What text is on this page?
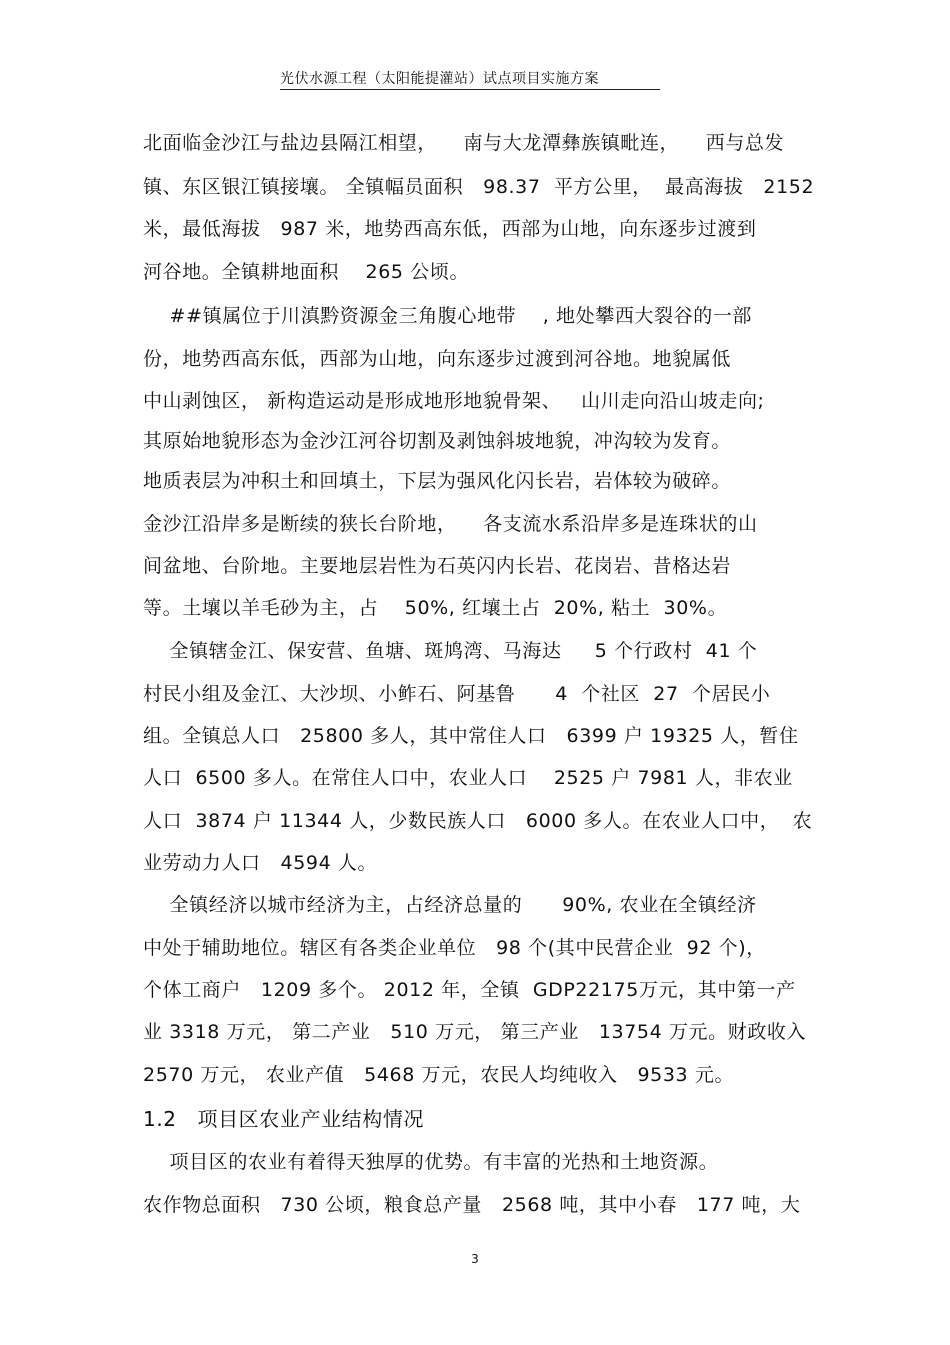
光伏水源工程（太阳能提灌站）试点项目实施方案
北面临金沙江与盐边县隔江相望，    南与大龙潭彝族镇毗连，    西与总发
镇、东区银江镇接壤。 全镇幅员面积   98.37  平方公里，  最高海拔   2152
米，最低海拔   987 米，地势西高东低，西部为山地，向东逐步过渡到
河谷地。全镇耕地面积    265 公顷。
##镇属位于川滇黔资源金三角腹心地带    , 地处攀西大裂谷的一部
份，地势西高东低，西部为山地，向东逐步过渡到河谷地。地貌属低
中山剥蚀区， 新构造运动是形成地形地貌骨架、   山川走向沿山坡走向;
其原始地貌形态为金沙江河谷切割及剥蚀斜坡地貌，冲沟较为发育。
地质表层为冲积土和回填土，下层为强风化闪长岩，岩体较为破碎。
金沙江沿岸多是断续的狭长台阶地，    各支流水系沿岸多是连珠状的山
间盆地、台阶地。主要地层岩性为石英闪内长岩、花岗岩、昔格达岩
等。土壤以羊毛砂为主，占    50%, 红壤土占  20%, 粘土  30%。
全镇辖金江、保安营、鱼塘、斑鸠湾、马海达     5 个行政村  41 个
村民小组及金江、大沙坝、小鲊石、阿基鲁      4  个社区  27  个居民小
组。全镇总人口   25800 多人，其中常住人口   6399 户 19325 人，暂住
人口  6500 多人。在常住人口中，农业人口    2525 户 7981 人，非农业
人口  3874 户 11344 人，少数民族人口   6000 多人。在农业人口中，  农
业劳动力人口   4594 人。
全镇经济以城市经济为主，占经济总量的      90%, 农业在全镇经济
中处于辅助地位。辖区有各类企业单位   98 个(其中民营企业  92 个)，
个体工商户   1209 多个。 2012 年，全镇  GDP22175万元，其中第一产
业 3318 万元， 第二产业   510 万元， 第三产业   13754 万元。财政收入
2570 万元， 农业产值   5468 万元，农民人均纯收入   9533 元。
1.2   项目区农业产业结构情况
项目区的农业有着得天独厚的优势。有丰富的光热和土地资源。
农作物总面积   730 公顷，粮食总产量   2568 吨，其中小春   177 吨，大
3
